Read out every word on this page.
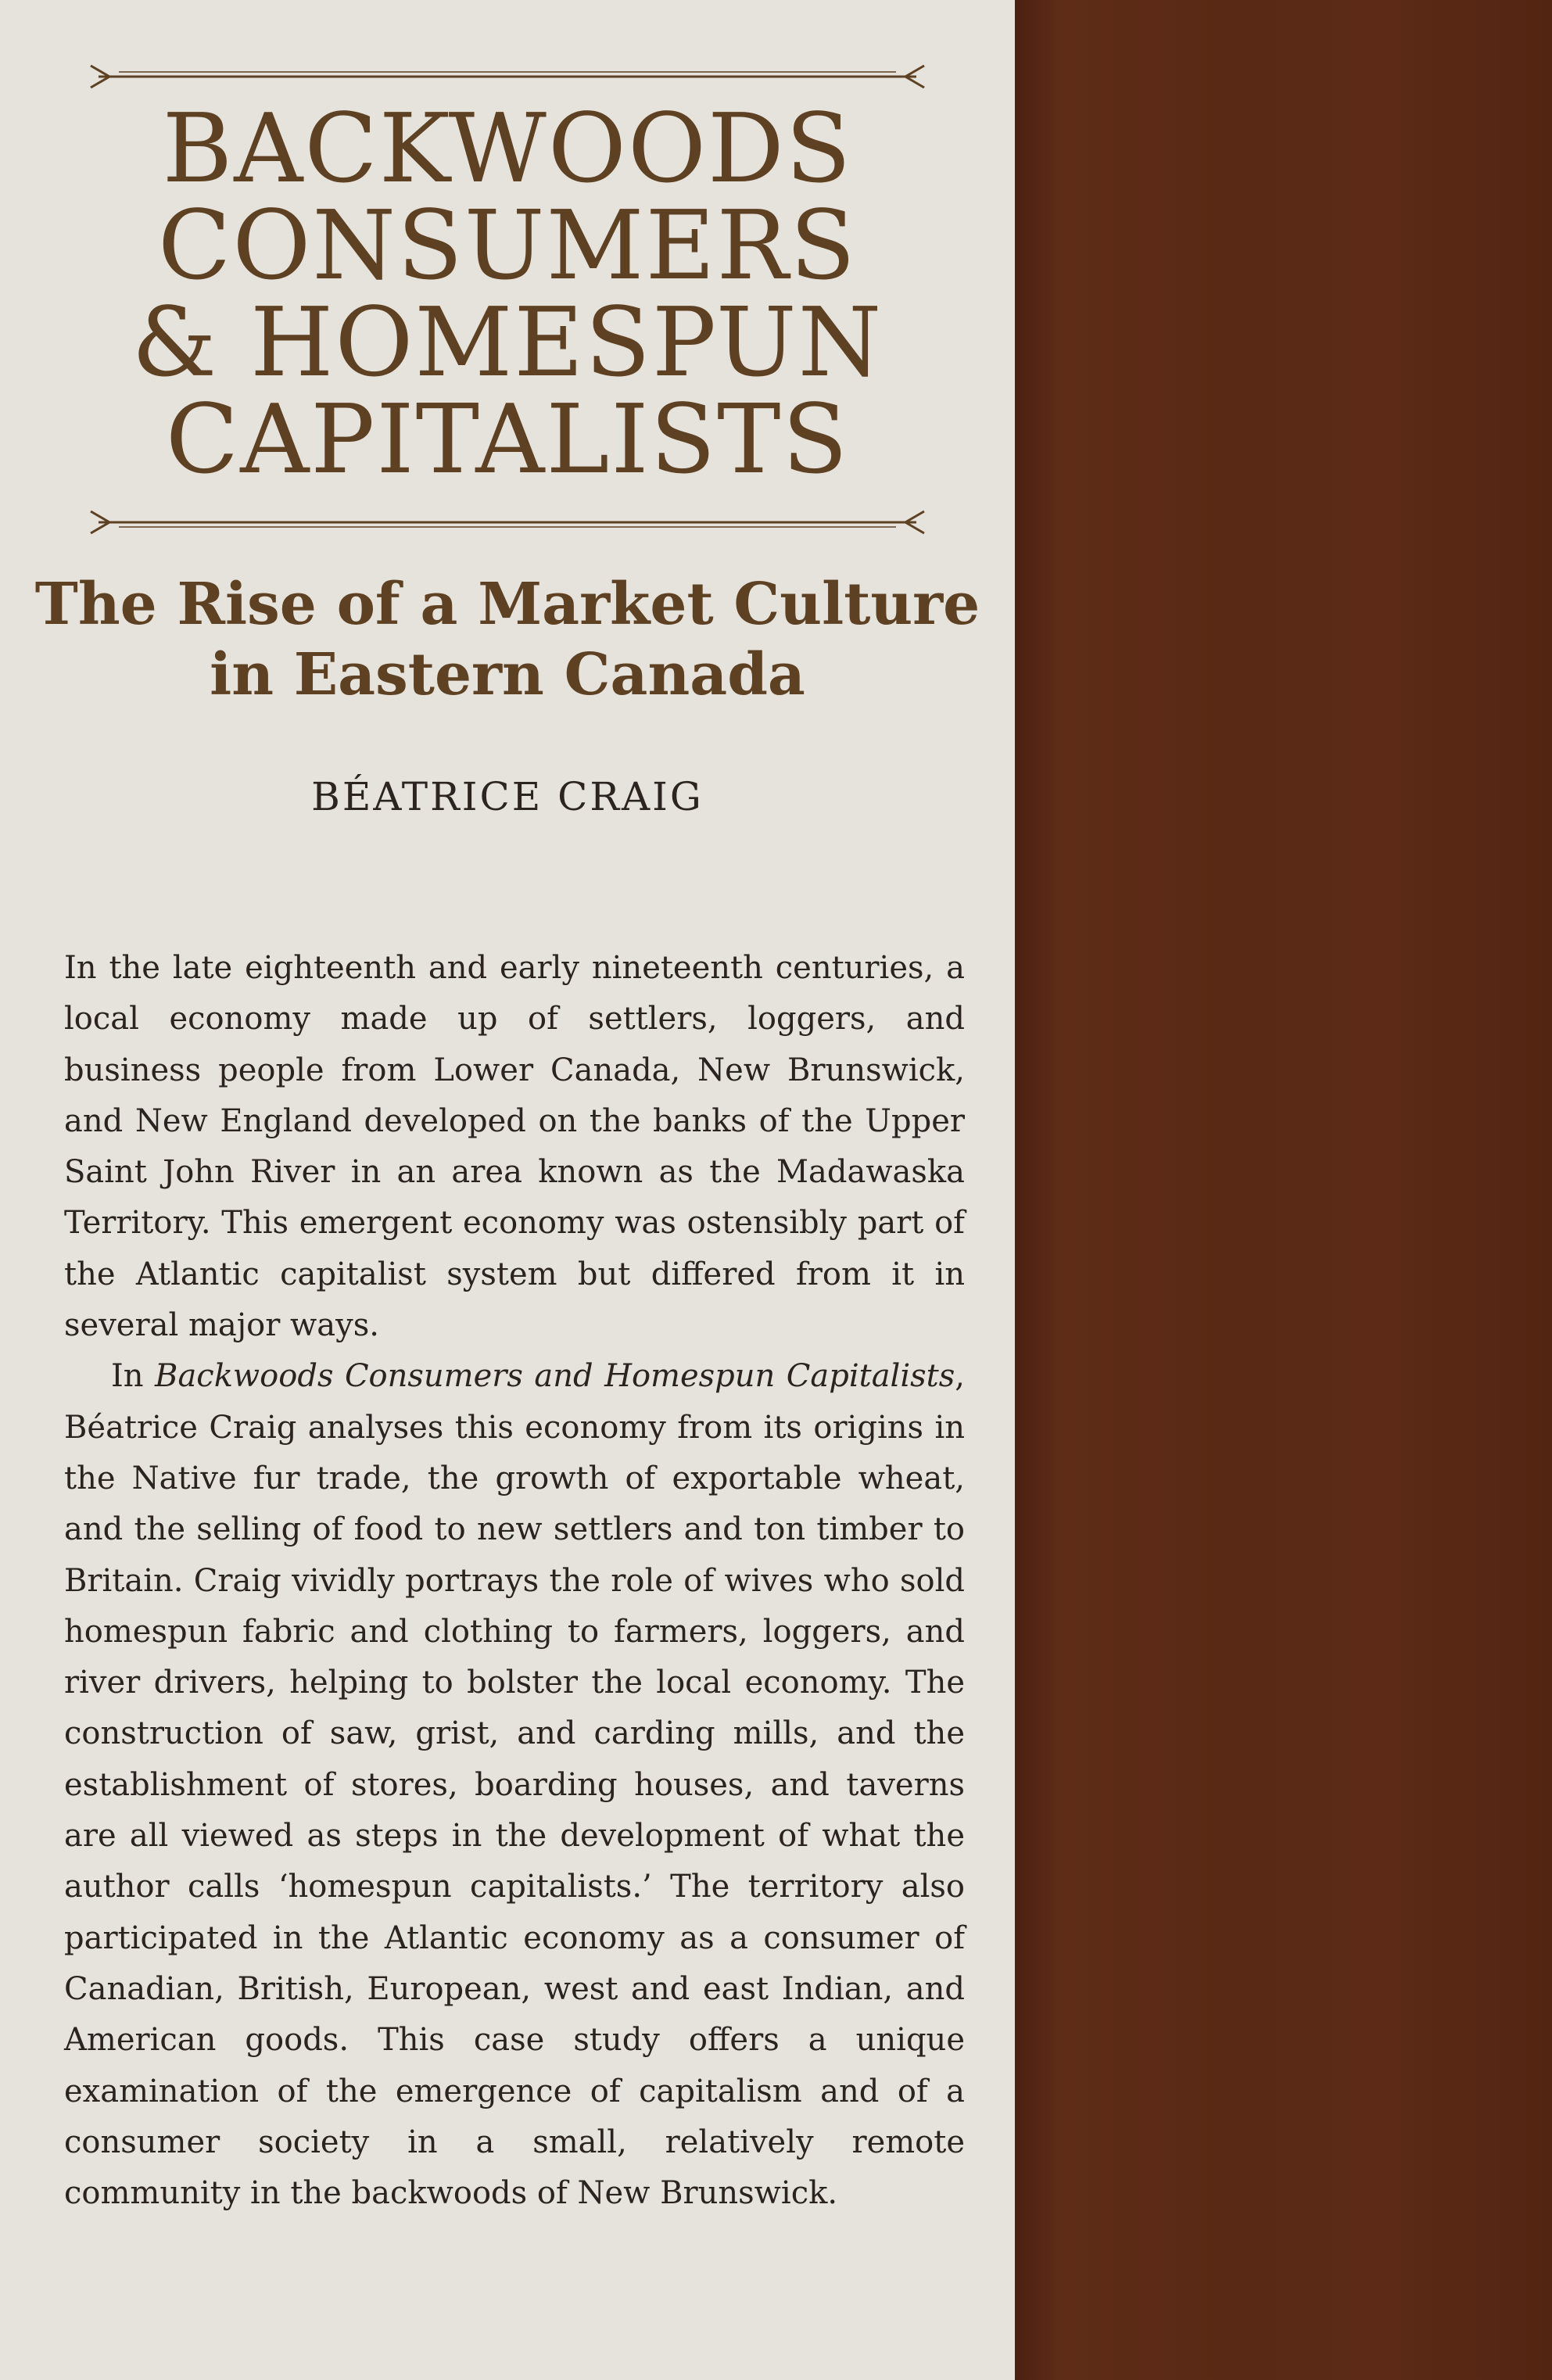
BACKWOODS
CONSUMERS
& HOMESPUN
CAPITALISTS
The Rise of a Market Culture
in Eastern Canada
BÉATRICE CRAIG

In the late eighteenth and early nineteenth centuries, a local economy made up of settlers, loggers, and business people from Lower Canada, New Brunswick, and New England developed on the banks of the Upper Saint John River in an area known as the Madawaska Territory. This emergent economy was ostensibly part of the Atlantic capitalist system but differed from it in several major ways.

In Backwoods Consumers and Homespun Capitalists, Béatrice Craig analyses this economy from its origins in the Native fur trade, the growth of exportable wheat, and the selling of food to new settlers and ton timber to Britain. Craig vividly portrays the role of wives who sold homespun fabric and clothing to farmers, loggers, and river drivers, helping to bolster the local economy. The construction of saw, grist, and carding mills, and the establishment of stores, boarding houses, and taverns are all viewed as steps in the development of what the author calls ‘homespun capitalists.’ The territory also participated in the Atlantic economy as a consumer of Canadian, British, European, west and east Indian, and American goods. This case study offers a unique examination of the emergence of capitalism and of a consumer society in a small, relatively remote community in the backwoods of New Brunswick.
